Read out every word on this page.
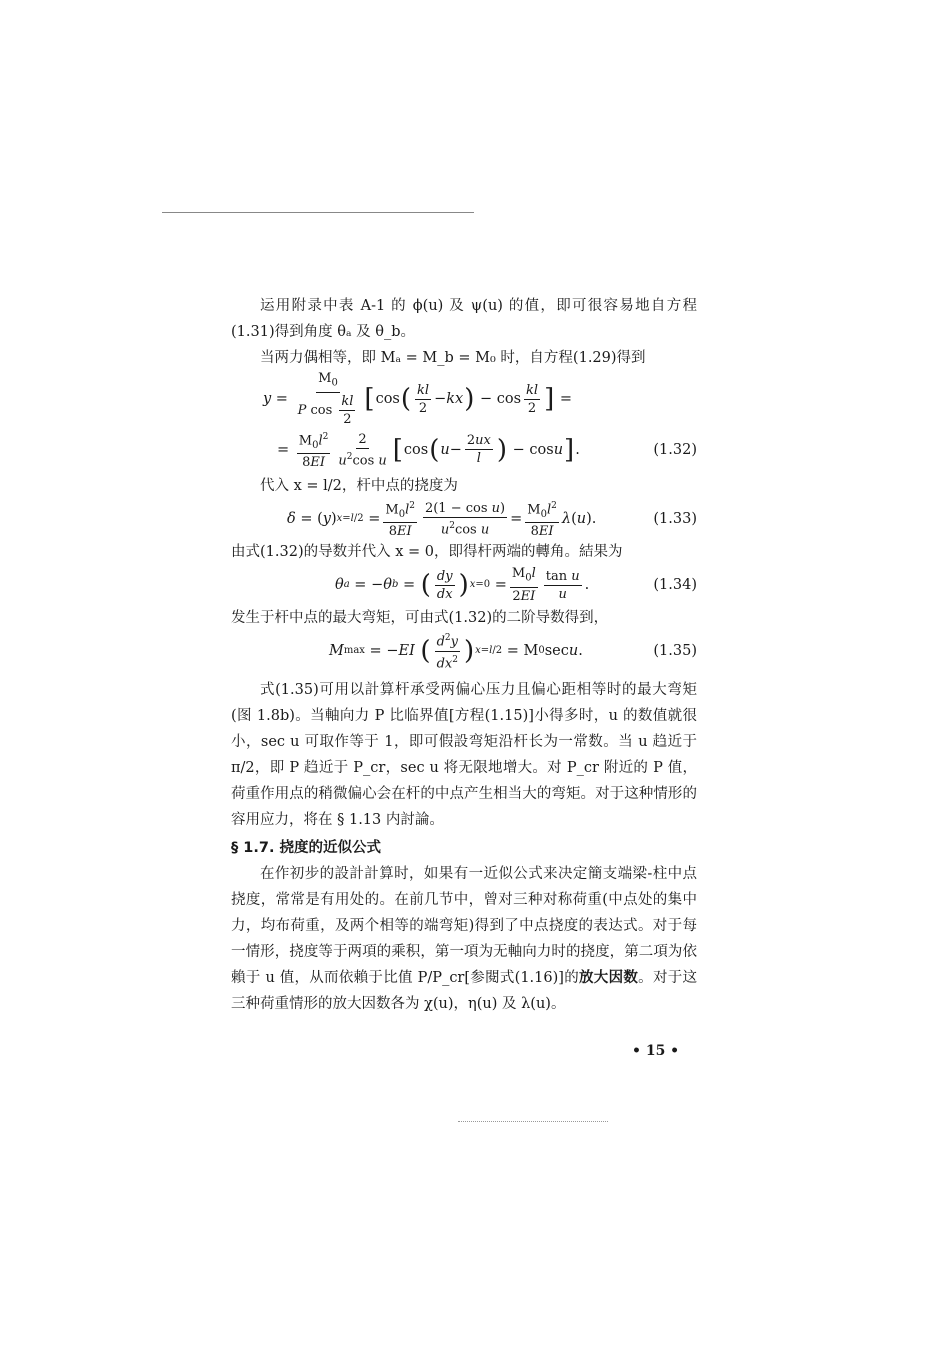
运用附录中表 A-1 的 ϕ(u) 及 ψ(u) 的值，即可很容易地自方程(1.31)得到角度 θₐ 及 θ_b。

当两力偶相等，即 Mₐ = M_b = M₀ 时，自方程(1.29)得到

$y = \frac{M_0}{P \cos \frac{kl}{2}}$ [ cos ( $\frac{kl}{2}$ − kx ) − $\cos \frac{kl}{2}$ ] =
= $\frac{M_0l^2}{8EI} \frac{2}{u^2\cos u}$ [ cos ( $u - \frac{2ux}{l}$ ) − cos u ] .	(1.32)

代入 x = l/2，杆中点的挠度为

δ = ( y ) $x=l/2 = \frac{M_0l^2}{8EI} \frac{\text{2(1 − cos u)}}{u^2\cos u} = \frac{M_0l^2}{8EI}$ λ ( u ).	(1.33)

由式(1.32)的导数并代入 x = 0，即得杆两端的轉角。結果为

θ a = − θ b = ( $\frac{dy}{dx}$ ) $x=0 = \frac{M_0l}{2EI} \frac{\text{tan u}}{u}$ .	(1.34)

发生于杆中点的最大弯矩，可由式(1.32)的二阶导数得到，

M max = − EI
( $\frac{d^2y}{dx^2}$ ) x=l/2 = M 0 sec u .	(1.35)

式(1.35)可用以計算杆承受两偏心压力且偏心距相等时的最大弯矩(图 1.8b)。当軸向力 P 比临界值[方程(1.15)]小得多时，u 的数值就很小，sec u 可取作等于 1，即可假設弯矩沿杆长为一常数。当 u 趋近于 π/2，即 P 趋近于 P_cr，sec u 将无限地增大。对 P_cr 附近的 P 值，荷重作用点的稍微偏心会在杆的中点产生相当大的弯矩。对于这种情形的容用应力，将在 § 1.13 内討論。

§ 1.7. 挠度的近似公式

在作初步的設計計算时，如果有一近似公式来决定簡支端梁-柱中点挠度，常常是有用处的。在前几节中，曾对三种对称荷重(中点处的集中力，均布荷重，及两个相等的端弯矩)得到了中点挠度的表达式。对于每一情形，挠度等于两項的乘积，第一項为无軸向力时的挠度，第二項为依賴于 u 值，从而依賴于比值 P/P_cr[参閱式(1.16)]的放大因数。对于这三种荷重情形的放大因数各为 χ(u)，η(u) 及 λ(u)。

• 15 •
